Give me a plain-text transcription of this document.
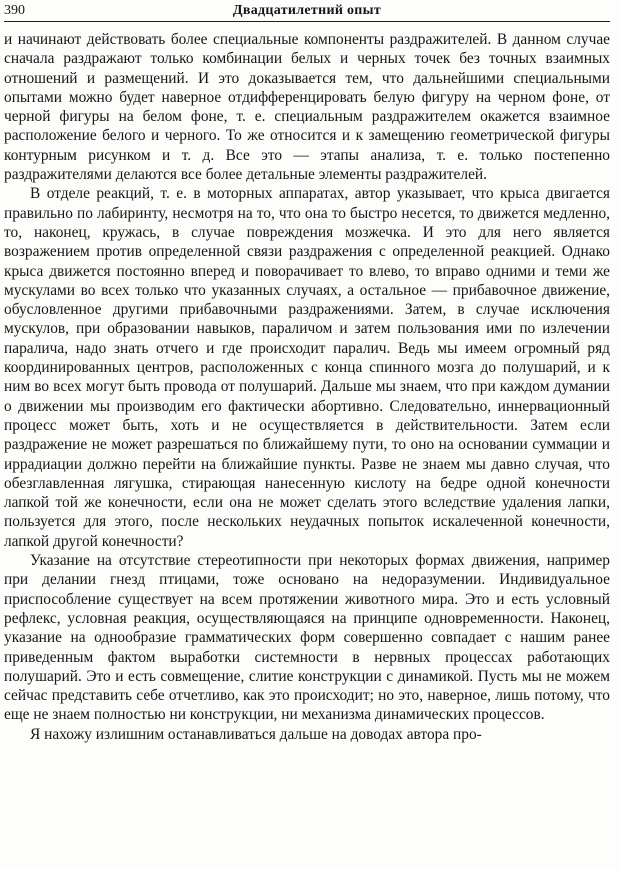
390	Двадцатилетний опыт

и начинают действовать более специальные компоненты раздражителей. В данном случае сначала раздражают только комбинации белых и черных точек без точных взаимных отношений и размещений. И это доказывается тем, что дальнейшими специальными опытами можно будет наверное отдифференцировать белую фигуру на черном фоне, от черной фигуры на белом фоне, т. е. специальным раздражителем окажется взаимное расположение белого и черного. То же относится и к замещению геометрической фигуры контурным рисунком и т. д. Все это — этапы анализа, т. е. только постепенно раздражителями делаются все более детальные элементы раздражителей.

В отделе реакций, т. е. в моторных аппаратах, автор указывает, что крыса двигается правильно по лабиринту, несмотря на то, что она то быстро несется, то движется медленно, то, наконец, кружась, в случае повреждения мозжечка. И это для него является возражением против определенной связи раздражения с определенной реакцией. Однако крыса движется постоянно вперед и поворачивает то влево, то вправо одними и теми же мускулами во всех только что указанных случаях, а остальное — прибавочное движение, обусловленное другими прибавочными раздражениями. Затем, в случае исключения мускулов, при образовании навыков, параличом и затем пользования ими по излечении паралича, надо знать отчего и где происходит паралич. Ведь мы имеем огромный ряд координированных центров, расположенных с конца спинного мозга до полушарий, и к ним во всех могут быть провода от полушарий. Дальше мы знаем, что при каждом думании о движении мы производим его фактически абортивно. Следовательно, иннервационный процесс может быть, хоть и не осуществляется в действительности. Затем если раздражение не может разрешаться по ближайшему пути, то оно на основании суммации и иррадиации должно перейти на ближайшие пункты. Разве не знаем мы давно случая, что обезглавленная лягушка, стирающая нанесенную кислоту на бедре одной конечности лапкой той же конечности, если она не может сделать этого вследствие удаления лапки, пользуется для этого, после нескольких неудачных попыток искалеченной конечности, лапкой другой конечности?

Указание на отсутствие стереотипности при некоторых формах движения, например при делании гнезд птицами, тоже основано на недоразумении. Индивидуальное приспособление существует на всем протяжении животного мира. Это и есть условный рефлекс, условная реакция, осуществляющаяся на принципе одновременности. Наконец, указание на однообразие грамматических форм совершенно совпадает с нашим ранее приведенным фактом выработки системности в нервных процессах работающих полушарий. Это и есть совмещение, слитие конструкции с динамикой. Пусть мы не можем сейчас представить себе отчетливо, как это происходит; но это, наверное, лишь потому, что еще не знаем полностью ни конструкции, ни механизма динамических процессов.

Я нахожу излишним останавливаться дальше на доводах автора про-
